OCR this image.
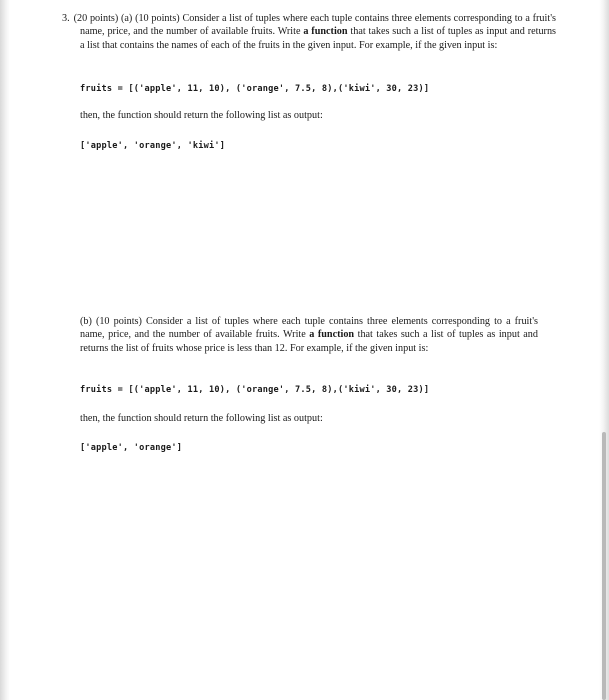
3. (20 points) (a) (10 points) Consider a list of tuples where each tuple contains three elements corresponding to a fruit's name, price, and the number of available fruits. Write a function that takes such a list of tuples as input and returns a list that contains the names of each of the fruits in the given input. For example, if the given input is:

fruits = [('apple', 11, 10), ('orange', 7.5, 8),('kiwi', 30, 23)]

then, the function should return the following list as output:

['apple', 'orange', 'kiwi']

(b) (10 points) Consider a list of tuples where each tuple contains three elements corresponding to a fruit's name, price, and the number of available fruits. Write a function that takes such a list of tuples as input and returns the list of fruits whose price is less than 12. For example, if the given input is:

fruits = [('apple', 11, 10), ('orange', 7.5, 8),('kiwi', 30, 23)]

then, the function should return the following list as output:

['apple', 'orange']
